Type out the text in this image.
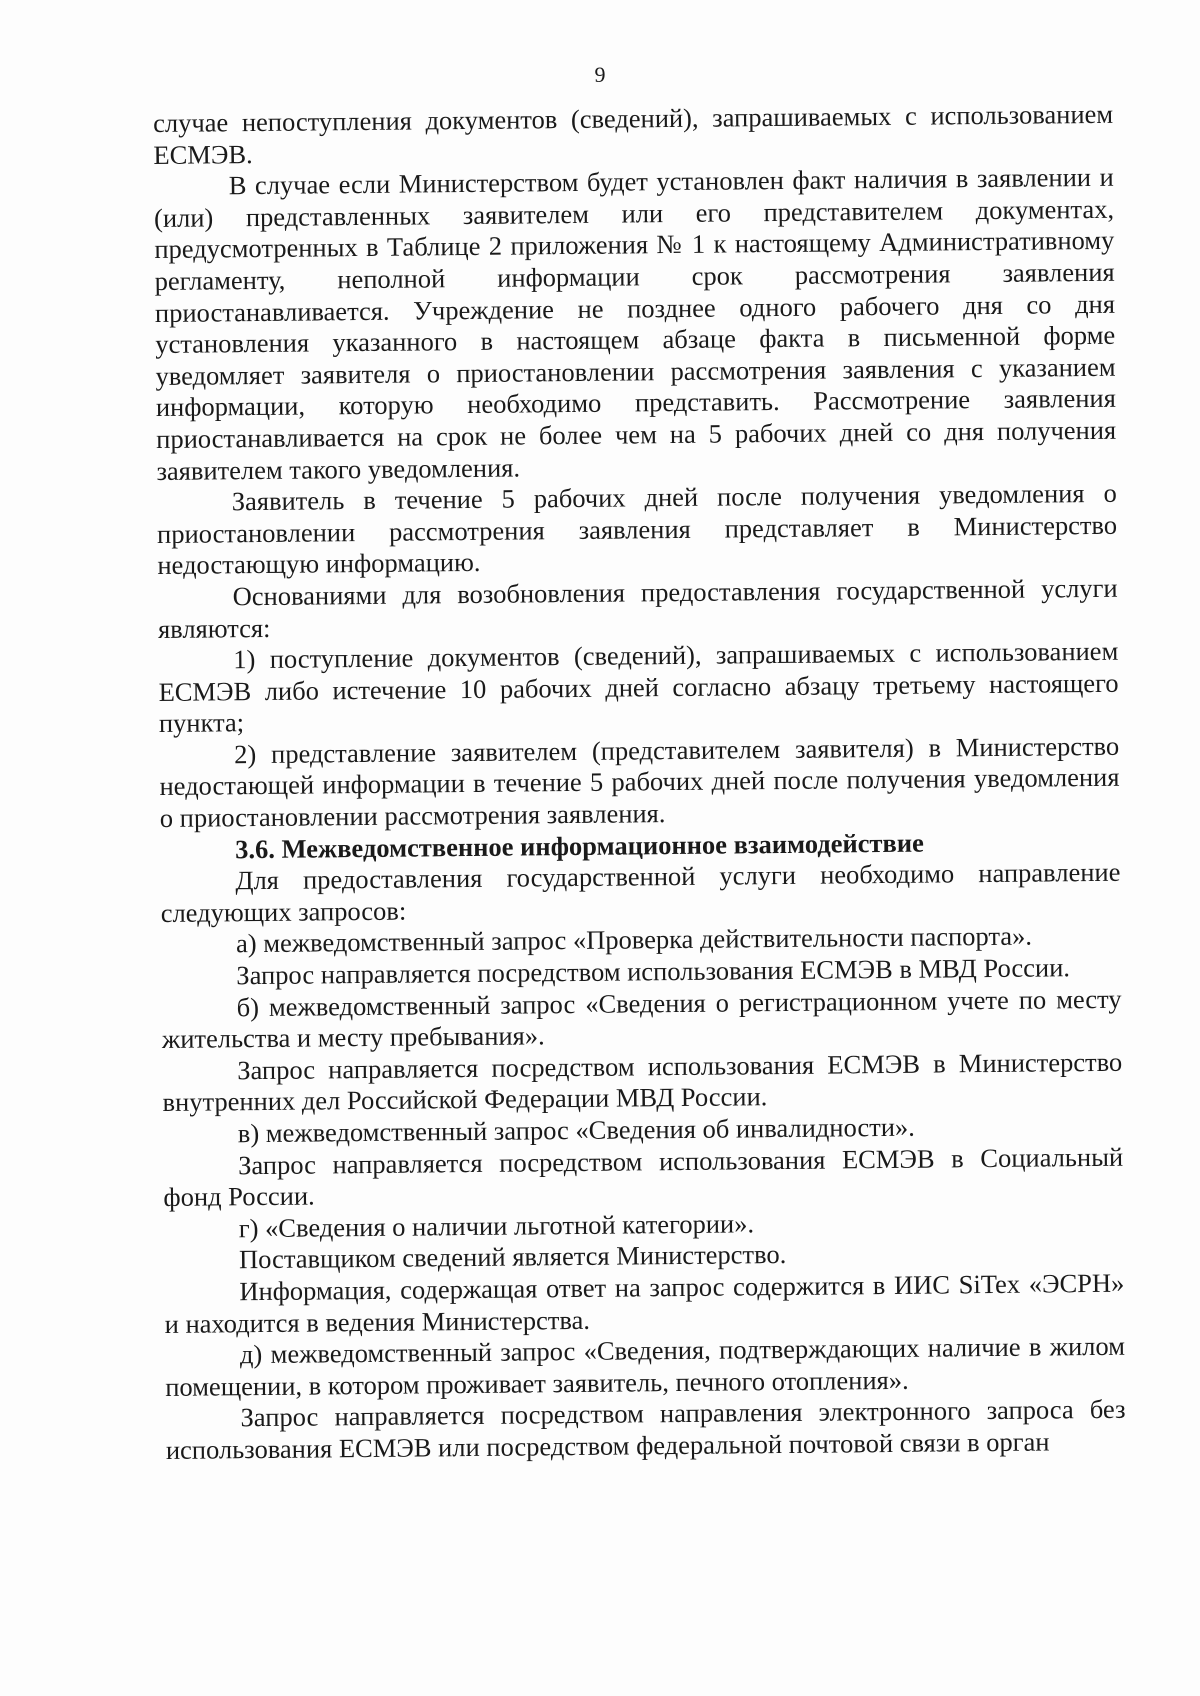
9

случае непоступления документов (сведений), запрашиваемых с использованием ЕСМЭВ.

В случае если Министерством будет установлен факт наличия в заявлении и (или) представленных заявителем или его представителем документах, предусмотренных в Таблице 2 приложения № 1 к настоящему Административному регламенту, неполной информации срок рассмотрения заявления приостанавливается. Учреждение не позднее одного рабочего дня со дня установления указанного в настоящем абзаце факта в письменной форме уведомляет заявителя о приостановлении рассмотрения заявления с указанием информации, которую необходимо представить. Рассмотрение заявления приостанавливается на срок не более чем на 5 рабочих дней со дня получения заявителем такого уведомления.

Заявитель в течение 5 рабочих дней после получения уведомления о приостановлении рассмотрения заявления представляет в Министерство недостающую информацию.

Основаниями для возобновления предоставления государственной услуги являются:

1) поступление документов (сведений), запрашиваемых с использованием ЕСМЭВ либо истечение 10 рабочих дней согласно абзацу третьему настоящего пункта;

2) представление заявителем (представителем заявителя) в Министерство недостающей информации в течение 5 рабочих дней после получения уведомления о приостановлении рассмотрения заявления.

3.6. Межведомственное информационное взаимодействие

Для предоставления государственной услуги необходимо направление следующих запросов:

а) межведомственный запрос «Проверка действительности паспорта».

Запрос направляется посредством использования ЕСМЭВ в МВД России.

б) межведомственный запрос «Сведения о регистрационном учете по месту жительства и месту пребывания».

Запрос направляется посредством использования ЕСМЭВ в Министерство внутренних дел Российской Федерации МВД России.

в) межведомственный запрос «Сведения об инвалидности».

Запрос направляется посредством использования ЕСМЭВ в Социальный фонд России.

г) «Сведения о наличии льготной категории».

Поставщиком сведений является Министерство.

Информация, содержащая ответ на запрос содержится в ИИС SiTex «ЭСРН» и находится в ведения Министерства.

д) межведомственный запрос «Сведения, подтверждающих наличие в жилом помещении, в котором проживает заявитель, печного отопления».

Запрос направляется посредством направления электронного запроса без использования ЕСМЭВ или посредством федеральной почтовой связи в орган
